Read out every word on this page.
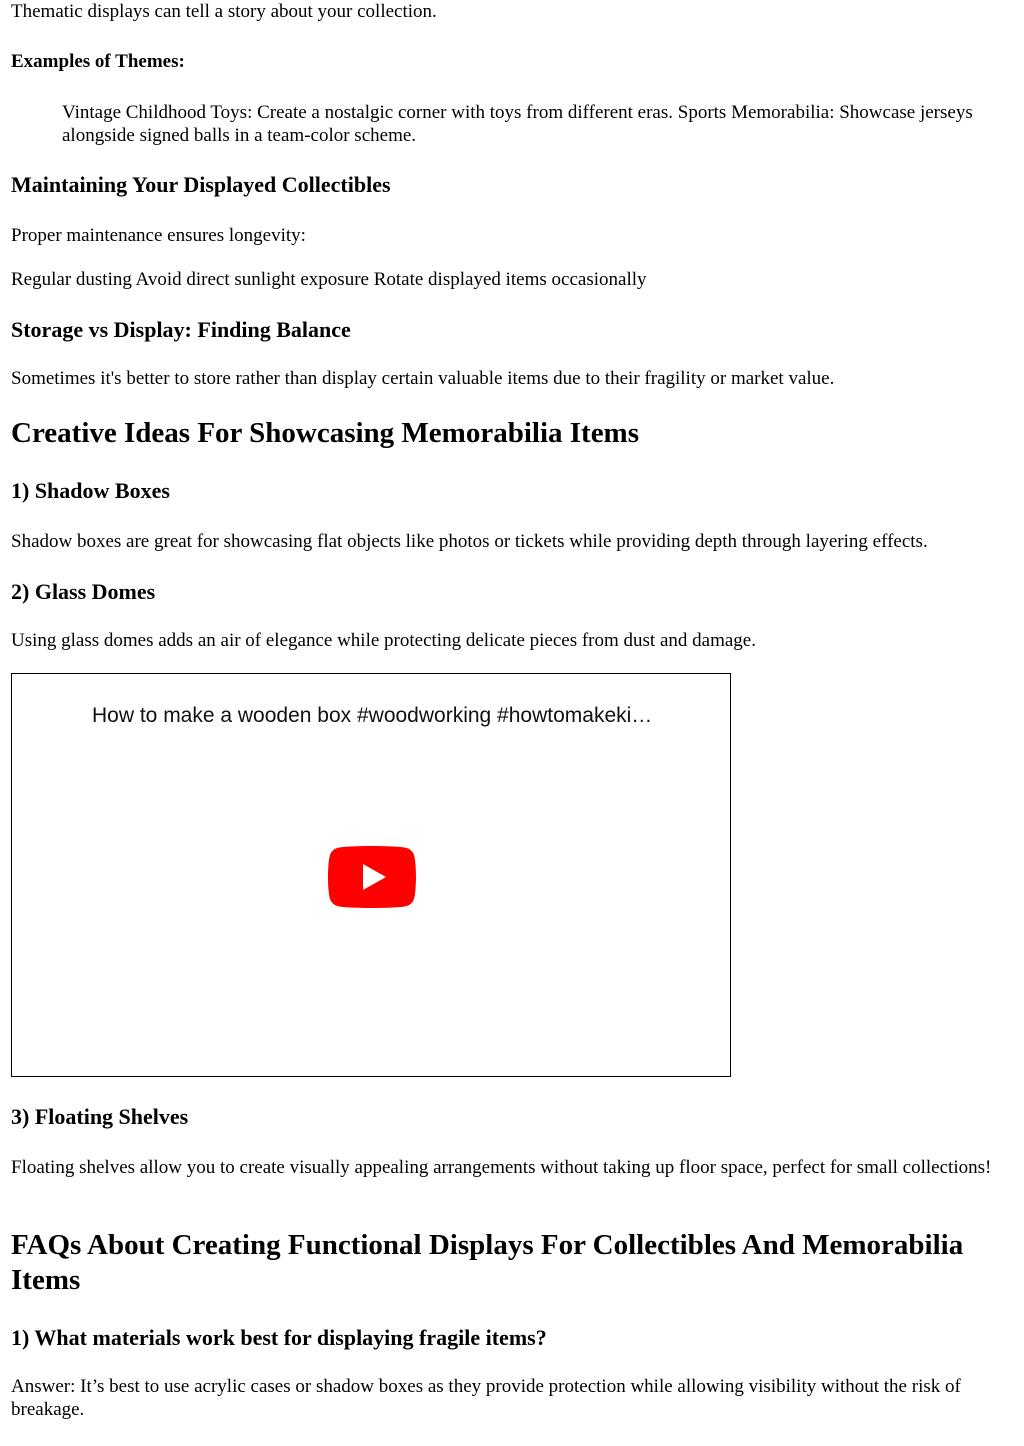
Thematic displays can tell a story about your collection.

Examples of Themes:

Vintage Childhood Toys: Create a nostalgic corner with toys from different eras. Sports Memorabilia: Showcase jerseys alongside signed balls in a team-color scheme.

Maintaining Your Displayed Collectibles

Proper maintenance ensures longevity:

Regular dusting Avoid direct sunlight exposure Rotate displayed items occasionally

Storage vs Display: Finding Balance

Sometimes it's better to store rather than display certain valuable items due to their fragility or market value.

Creative Ideas For Showcasing Memorabilia Items
1) Shadow Boxes

Shadow boxes are great for showcasing flat objects like photos or tickets while providing depth through layering effects.

2) Glass Domes

Using glass domes adds an air of elegance while protecting delicate pieces from dust and damage.

How to make a wooden box #woodworking #howtomakeki…
3) Floating Shelves

Floating shelves allow you to create visually appealing arrangements without taking up floor space, perfect for small collections!

FAQs About Creating Functional Displays For Collectibles And Memorabilia Items
1) What materials work best for displaying fragile items?

Answer: It’s best to use acrylic cases or shadow boxes as they provide protection while allowing visibility without the risk of breakage.
